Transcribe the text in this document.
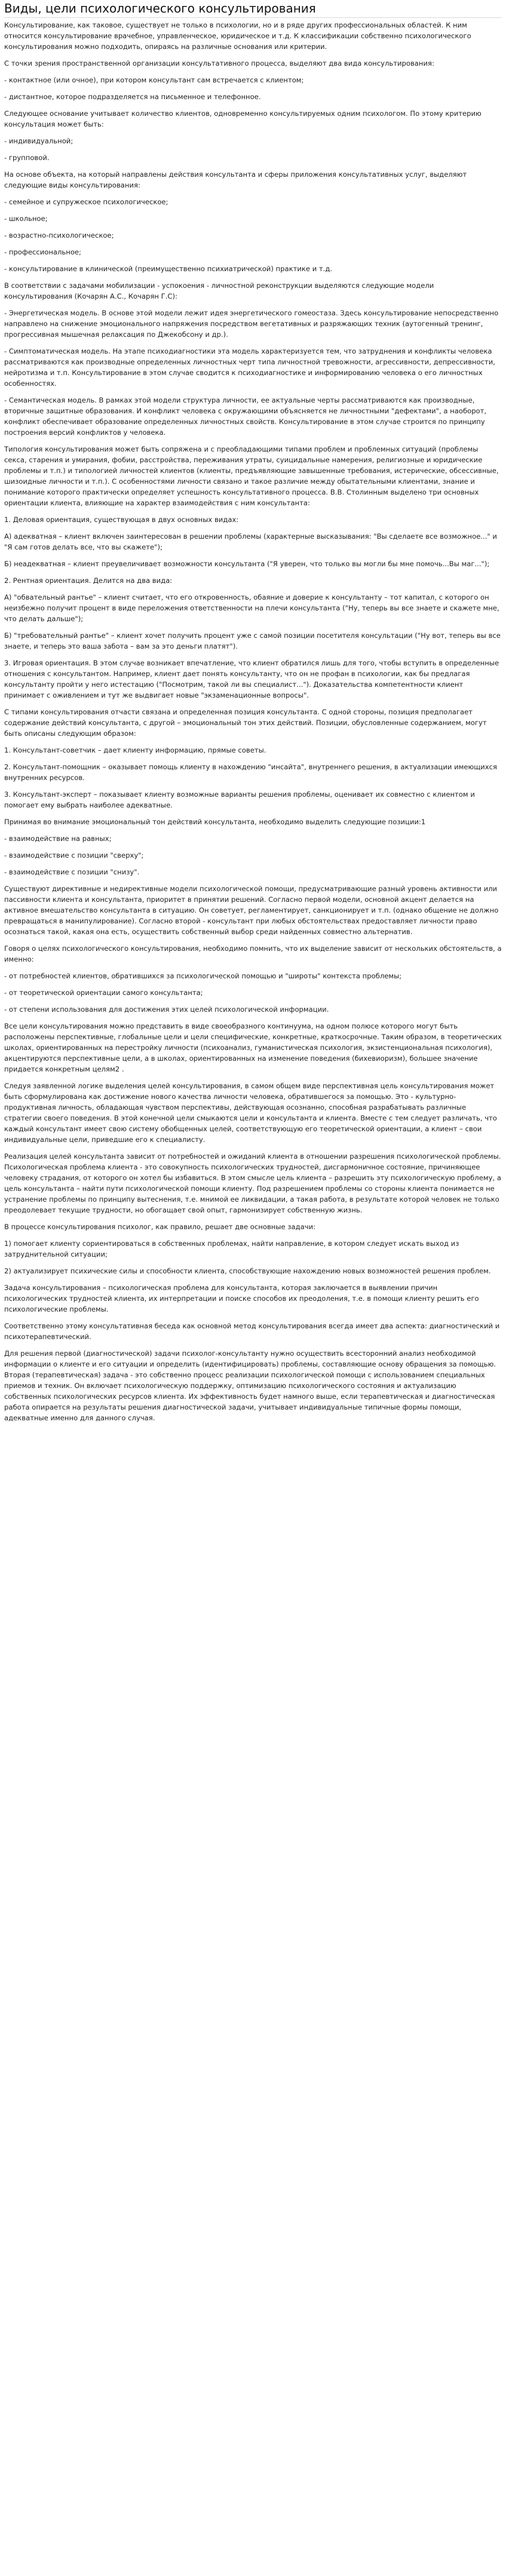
Виды, цели психологического консультирования

Консультирование, как таковое, существует не только в психологии, но и в ряде других профессиональных областей. К ним относится консультирование врачебное, управленческое, юридическое и т.д. К классификации собственно психологического консультирования можно подходить, опираясь на различные основания или критерии.

С точки зрения пространственной организации консультативного процесса, выделяют два вида консультирования:

- контактное (или очное), при котором консультант сам встречается с клиентом;

- дистантное, которое подразделяется на письменное и телефонное.

Следующее основание учитывает количество клиентов, одновременно консультируемых одним психологом. По этому критерию консультация может быть:

- индивидуальной;

- групповой.

На основе объекта, на который направлены действия консультанта и сферы приложения консультативных услуг, выделяют следующие виды консультирования:

- семейное и супружеское психологическое;

- школьное;

- возрастно-психологическое;

- профессиональное;

- консультирование в клинической (преимущественно психиатрической) практике и т.д.

В соответствии с задачами мобилизации - успокоения - личностной реконструкции выделяются следующие модели консультирования (Кочарян А.С., Кочарян Г.С):

- Энергетическая модель. В основе этой модели лежит идея энергетического гомеостаза. Здесь консультирование непосредственно направлено на снижение эмоционального напряжения посредством вегетативных и разряжающих техник (аутогенный тренинг, прогрессивная мышечная релаксация по Джекобсону и др.).

- Симптоматическая модель. На этапе психодиагностики эта модель характеризуется тем, что затруднения и конфликты человека рассматриваются как производные определенных личностных черт типа личностной тревожности, агрессивности, депрессивности, нейротизма и т.п. Консультирование в этом случае сводится к психодиагностике и информированию человека о его личностных особенностях.

- Семантическая модель. В рамках этой модели структура личности, ее актуальные черты рассматриваются как производные, вторичные защитные образования. И конфликт человека с окружающими объясняется не личностными "дефектами", а наоборот, конфликт обеспечивает образование определенных личностных свойств. Консультирование в этом случае строится по принципу построения версий конфликтов у человека.

Типология консультирования может быть сопряжена и с преобладающими типами проблем и проблемных ситуаций (проблемы секса, старения и умирания, фобии, расстройства, переживания утраты, суицидальные намерения, религиозные и юридические проблемы и т.п.) и типологией личностей клиентов (клиенты, предъявляющие завышенные требования, истерические, обсессивные, шизоидные личности и т.п.). С особенностями личности связано и такое различие между обытательными клиентами, знание и понимание которого практически определяет успешность консультативного процесса. В.В. Столинным выделено три основных ориентации клиента, влияющие на характер взаимодействия с ним консультанта:

1. Деловая ориентация, существующая в двух основных видах:

А) адекватная – клиент включен заинтересован в решении проблемы (характерные высказывания: "Вы сделаете все возможное..." и "Я сам готов делать все, что вы скажете");

Б) неадекватная – клиент преувеличивает возможности консультанта ("Я уверен, что только вы могли бы мне помочь...Вы маг...");

2. Рентная ориентация. Делится на два вида:

А) "обвательный рантье" – клиент считает, что его откровенность, обаяние и доверие к консультанту – тот капитал, с которого он неизбежно получит процент в виде переложения ответственности на плечи консультанта ("Ну, теперь вы все знаете и скажете мне, что делать дальше");

Б) "требовательный рантье" – клиент хочет получить процент уже с самой позиции посетителя консультации ("Ну вот, теперь вы все знаете, и теперь это ваша забота – вам за это деньги платят").

3. Игровая ориентация. В этом случае возникает впечатление, что клиент обратился лишь для того, чтобы вступить в определенные отношения с консультантом. Например, клиент дает понять консультанту, что он не профан в психологии, как бы предлагая консультанту пройти у него истестацию ("Посмотрим, такой ли вы специалист..."). Доказательства компетентности клиент принимает с оживлением и тут же выдвигает новые "экзаменационные вопросы".

С типами консультирования отчасти связана и определенная позиция консультанта. С одной стороны, позиция предполагает содержание действий консультанта, с другой – эмоциональный тон этих действий. Позиции, обусловленные содержанием, могут быть описаны следующим образом:

1. Консультант-советчик – дает клиенту информацию, прямые советы.

2. Консультант-помощник – оказывает помощь клиенту в нахождению "инсайта", внутреннего решения, в актуализации имеющихся внутренних ресурсов.

3. Консультант-эксперт – показывает клиенту возможные варианты решения проблемы, оценивает их совместно с клиентом и помогает ему выбрать наиболее адекватные.

Принимая во внимание эмоциональный тон действий консультанта, необходимо выделить следующие позиции:1

- взаимодействие на равных;

- взаимодействие с позиции "сверху";

- взаимодействие с позиции "снизу".

Существуют директивные и недирективные модели психологической помощи, предусматривающие разный уровень активности или пассивности клиента и консультанта, приоритет в принятии решений. Согласно первой модели, основной акцент делается на активное вмешательство консультанта в ситуацию. Он советует, регламентирует, санкционирует и т.п. (однако общение не должно превращаться в манипулирование). Согласно второй - консультант при любых обстоятельствах предоставляет личности право осознаться такой, какая она есть, осуществить собственный выбор среди найденных совместно альтернатив.

Говоря о целях психологического консультирования, необходимо помнить, что их выделение зависит от нескольких обстоятельств, а именно:

- от потребностей клиентов, обратившихся за психологической помощью и "широты" контекста проблемы;

- от теоретической ориентации самого консультанта;

- от степени использования для достижения этих целей психологической информации.

Все цели консультирования можно представить в виде своеобразного континуума, на одном полюсе которого могут быть расположены перспективные, глобальные цели и цели специфические, конкретные, краткосрочные. Таким образом, в теоретических школах, ориентированных на перестройку личности (психоанализ, гуманистическая психология, экзистенциональная психология), акцентируются перспективные цели, а в школах, ориентированных на изменение поведения (бихевиоризм), большее значение придается конкретным целям2 .

Следуя заявленной логике выделения целей консультирования, в самом общем виде перспективная цель консультирования может быть сформулирована как достижение нового качества личности человека, обратившегося за помощью. Это - культурно-продуктивная личность, обладающая чувством перспективы, действующая осознанно, способная разрабатывать различные стратегии своего поведения. В этой конечной цели смыкаются цели и консультанта и клиента. Вместе с тем следует различать, что каждый консультант имеет свою систему обобщенных целей, соответствующую его теоретической ориентации, а клиент – свои индивидуальные цели, приведшие его к специалисту.

Реализация целей консультанта зависит от потребностей и ожиданий клиента в отношении разрешения психологической проблемы. Психологическая проблема клиента - это совокупность психологических трудностей, дисгармоничное состояние, причиняющее человеку страдания, от которого он хотел бы избавиться. В этом смысле цель клиента – разрешить эту психологическую проблему, а цель консультанта – найти пути психологической помощи клиенту. Под разрешением проблемы со стороны клиента понимается не устранение проблемы по принципу вытеснения, т.е. мнимой ее ликвидации, а такая работа, в результате которой человек не только преодолевает текущие трудности, но обогащает свой опыт, гармонизирует собственную жизнь.

В процессе консультирования психолог, как правило, решает две основные задачи:

1) помогает клиенту сориентироваться в собственных проблемах, найти направление, в котором следует искать выход из затруднительной ситуации;

2) актуализирует психические силы и способности клиента, способствующие нахождению новых возможностей решения проблем.

Задача консультирования – психологическая проблема для консультанта, которая заключается в выявлении причин психологических трудностей клиента, их интерпретации и поиске способов их преодоления, т.е. в помощи клиенту решить его психологические проблемы.

Соответственно этому консультативная беседа как основной метод консультирования всегда имеет два аспекта: диагностический и психотерапевтический.

Для решения первой (диагностической) задачи психолог-консультанту нужно осуществить всесторонний анализ необходимой информации о клиенте и его ситуации и определить (идентифицировать) проблемы, составляющие основу обращения за помощью. Вторая (терапевтическая) задача - это собственно процесс реализации психологической помощи с использованием специальных приемов и техник. Он включает психологическую поддержку, оптимизацию психологического состояния и актуализацию собственных психологических ресурсов клиента. Их эффективность будет намного выше, если терапевтическая и диагностическая работа опирается на результаты решения диагностической задачи, учитывает индивидуальные типичные формы помощи, адекватные именно для данного случая.
